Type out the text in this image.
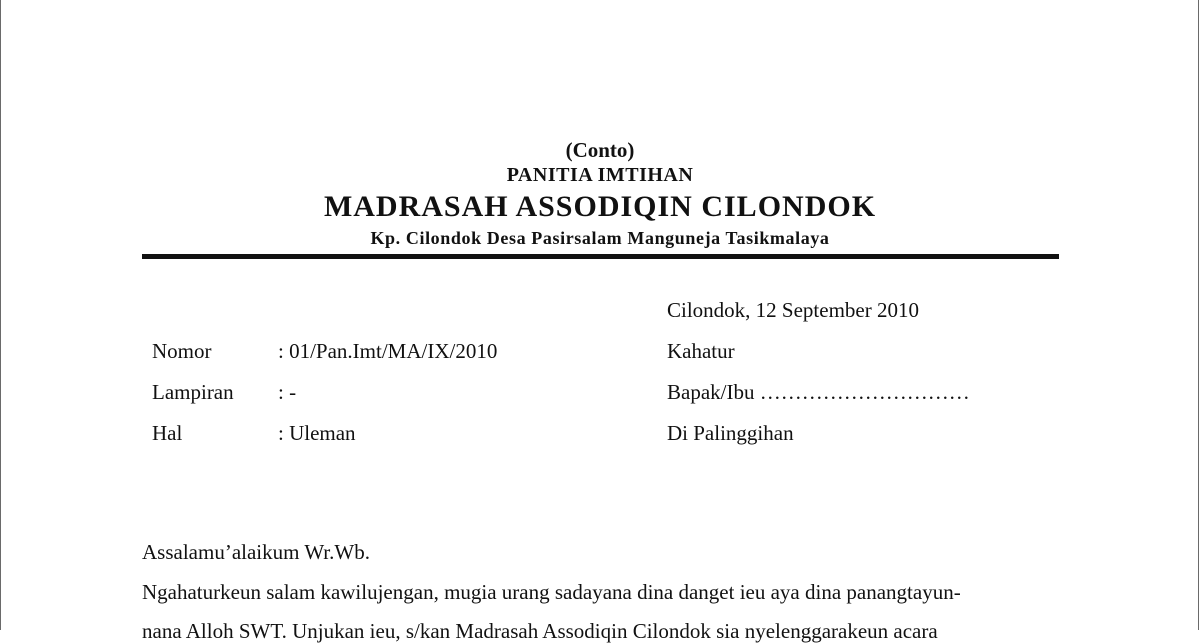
(Conto)
PANITIA IMTIHAN
MADRASAH ASSODIQIN CILONDOK
Kp. Cilondok Desa Pasirsalam Manguneja Tasikmalaya
Cilondok, 12 September 2010
Nomor	: 01/Pan.Imt/MA/IX/2010	Kahatur
Lampiran : -	Bapak/Ibu …………………………
Hal	: Uleman	Di Palinggihan
Assalamu’alaikum Wr.Wb.
Ngahaturkeun salam kawilujengan, mugia urang sadayana dina danget ieu aya dina panangtayun-
nana Alloh SWT. Unjukan ieu, s/kan Madrasah Assodiqin Cilondok sia nyelenggarakeun acara
